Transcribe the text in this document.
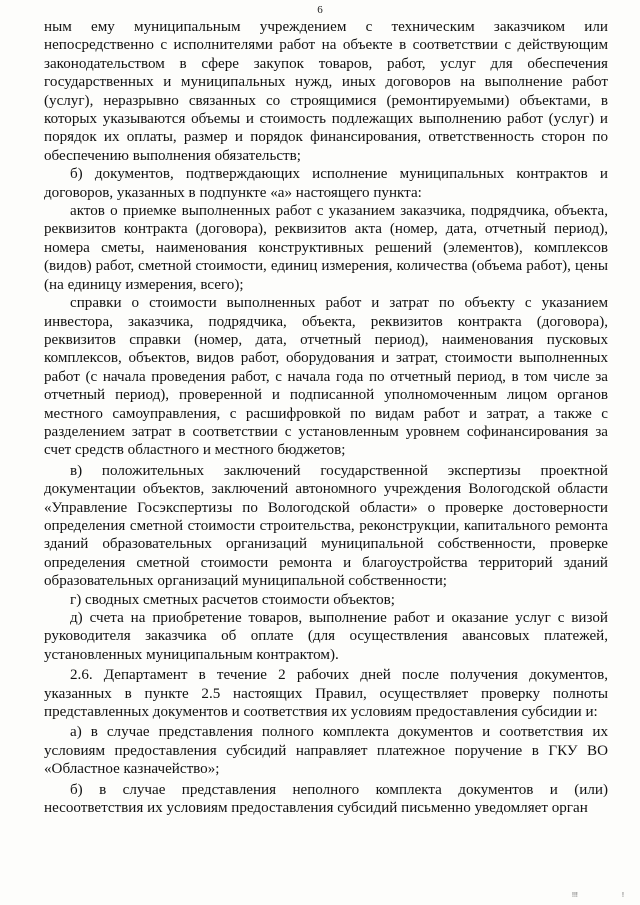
6

ным ему муниципальным учреждением с техническим заказчиком или непосредственно с исполнителями работ на объекте в соответствии с действующим законодательством в сфере закупок товаров, работ, услуг для обеспечения государственных и муниципальных нужд, иных договоров на выполнение работ (услуг), неразрывно связанных со строящимися (ремонтируемыми) объектами, в которых указываются объемы и стоимость подлежащих выполнению работ (услуг) и порядок их оплаты, размер и порядок финансирования, ответственность сторон по обеспечению выполнения обязательств;

б) документов, подтверждающих исполнение муниципальных контрактов и договоров, указанных в подпункте «а» настоящего пункта:

актов о приемке выполненных работ с указанием заказчика, подрядчика, объекта, реквизитов контракта (договора), реквизитов акта (номер, дата, отчетный период), номера сметы, наименования конструктивных решений (элементов), комплексов (видов) работ, сметной стоимости, единиц измерения, количества (объема работ), цены (на единицу измерения, всего);

справки о стоимости выполненных работ и затрат по объекту с указанием инвестора, заказчика, подрядчика, объекта, реквизитов контракта (договора), реквизитов справки (номер, дата, отчетный период), наименования пусковых комплексов, объектов, видов работ, оборудования и затрат, стоимости выполненных работ (с начала проведения работ, с начала года по отчетный период, в том числе за отчетный период), проверенной и подписанной уполномоченным лицом органов местного самоуправления, с расшифровкой по видам работ и затрат, а также с разделением затрат в соответствии с установленным уровнем софинансирования за счет средств областного и местного бюджетов;

в) положительных заключений государственной экспертизы проектной документации объектов, заключений автономного учреждения Вологодской области «Управление Госэкспертизы по Вологодской области» о проверке достоверности определения сметной стоимости строительства, реконструкции, капитального ремонта зданий образовательных организаций муниципальной собственности, проверке определения сметной стоимости ремонта и благоустройства территорий зданий образовательных организаций муниципальной собственности;

г) сводных сметных расчетов стоимости объектов;

д) счета на приобретение товаров, выполнение работ и оказание услуг с визой руководителя заказчика об оплате (для осуществления авансовых платежей, установленных муниципальным контрактом).

2.6. Департамент в течение 2 рабочих дней после получения документов, указанных в пункте 2.5 настоящих Правил, осуществляет проверку полноты представленных документов и соответствия их условиям предоставления субсидии и:

а) в случае представления полного комплекта документов и соответствия их условиям предоставления субсидий направляет платежное поручение в ГКУ ВО «Областное казначейство»;

б) в случае представления неполного комплекта документов и (или) несоответствия их условиям предоставления субсидий письменно уведомляет орган

!!!	!
